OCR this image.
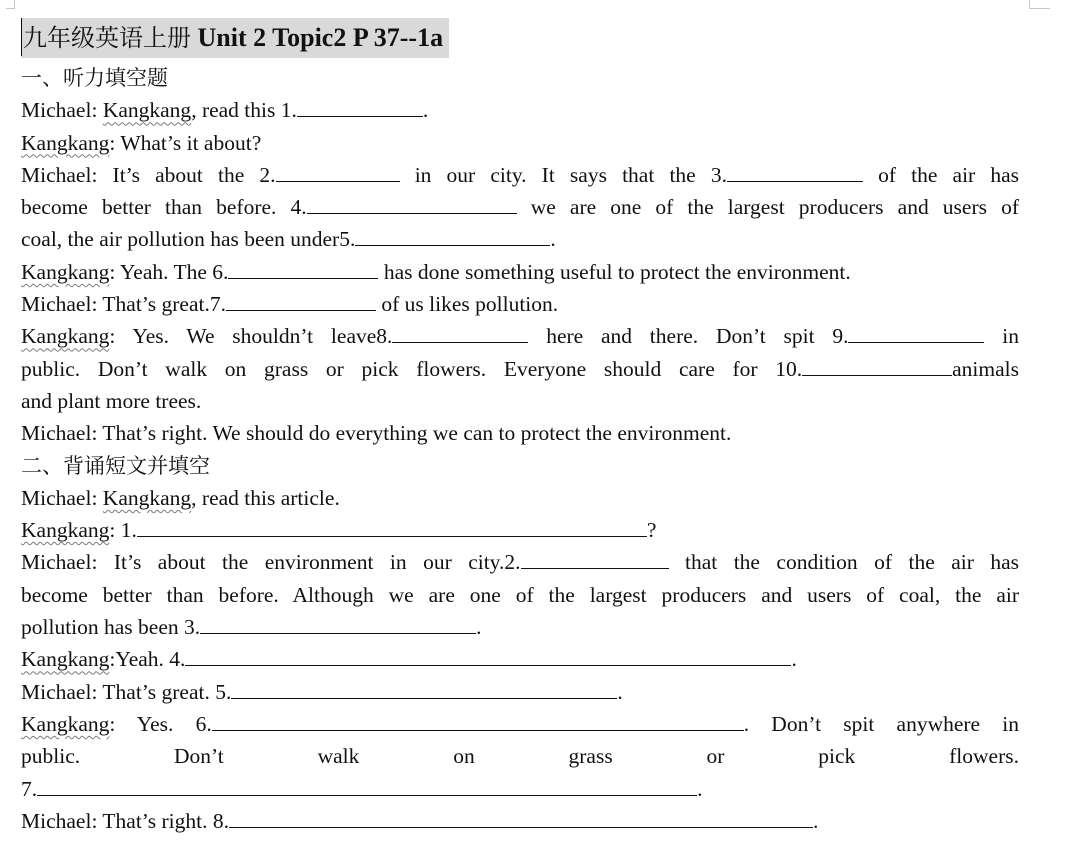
九年级英语上册 Unit 2 Topic2 P 37--1a
一、听力填空题
Michael: Kangkang, read this 1.	.
Kangkang: What’s it about?
Michael: It’s about the 2.	in our city. It says that the 3.	of the air has
become better than before. 4.	we are one of the largest producers and users of
coal, the air pollution has been under5.	.
Kangkang: Yeah. The 6.	has done something useful to protect the environment.
Michael: That’s great.7.	of us likes pollution.
Kangkang: Yes. We shouldn’t leave8.	here and there. Don’t spit 9.	in
public. Don’t walk on grass or pick flowers. Everyone should care for 10.	animals
and plant more trees.
Michael: That’s right. We should do everything we can to protect the environment.
二、背诵短文并填空
Michael: Kangkang, read this article.
Kangkang: 1.	?
Michael: It’s about the environment in our city.2.	that the condition of the air has
become better than before. Although we are one of the largest producers and users of coal, the air
pollution has been 3.	.
Kangkang:Yeah. 4.	.
Michael: That’s great. 5.	.
Kangkang: Yes. 6.	. Don’t spit anywhere in
public.	Don’t	walk	on	grass	or	pick	flowers.
7.	.
Michael: That’s right. 8.	.
